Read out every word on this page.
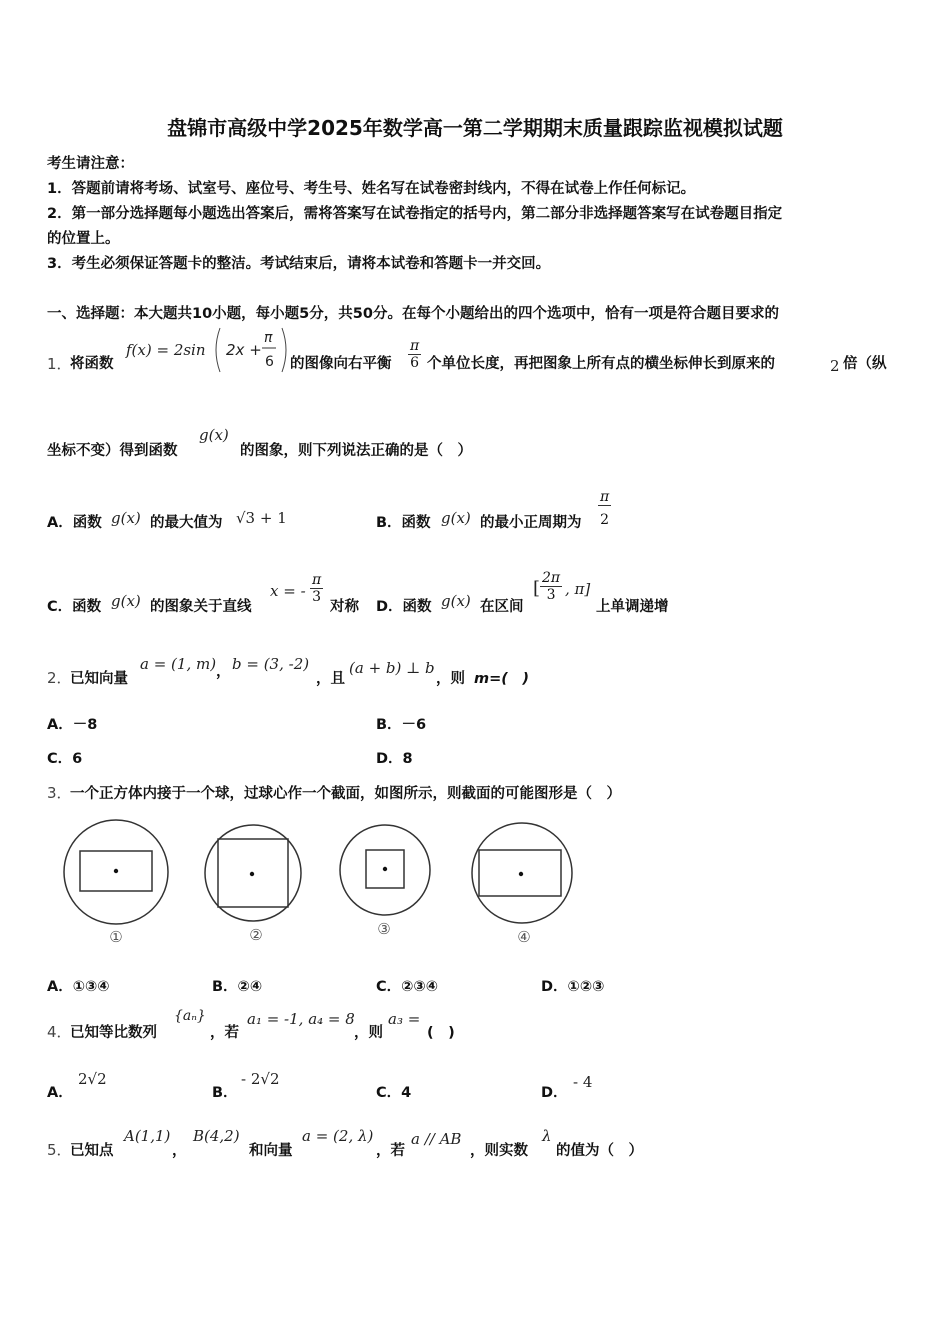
盘锦市高级中学2025年数学高一第二学期期末质量跟踪监视模拟试题
考生请注意：
1．答题前请将考场、试室号、座位号、考生号、姓名写在试卷密封线内，不得在试卷上作任何标记。
2．第一部分选择题每小题选出答案后，需将答案写在试卷指定的括号内，第二部分非选择题答案写在试卷题目指定
的位置上。
3．考生必须保证答题卡的整洁。考试结束后，请将本试卷和答题卡一并交回。
一、选择题：本大题共10小题，每小题5分，共50分。在每个小题给出的四个选项中，恰有一项是符合题目要求的
1．
将函数
f(x) = 2sin 2x +
π
6 的图像向右平衡 $\frac{\pi}{6}$ 个单位长度，再把图象上所有点的横坐标伸长到原来的	2 倍（纵
坐标不变）得到函数
g(x)
的图象，则下列说法正确的是（　）
A．函数 g(x) 的最大值为 √3 + 1	B．函数 g(x) 的最小正周期为 $\frac{\pi}{2}$
C．函数 g(x) 的图象关于直线
x = - $\frac{\pi}{3}$
对称 D．函数 g(x) 在区间
[ $\frac{2\pi}{3}$ , π]
上单调递增
2．
已知向量
a = (1, m) ， b = (3, -2)
，且
(a + b) ⊥ b
，则 m=(　)
A．－8	B．－6
C．6	D．8
3．
一个正方体内接于一个球，过球心作一个截面，如图所示，则截面的可能图形是（　）
①	②	③	④
A．①③④	B．②④	C．②③④	D．①②③
4．
已知等比数列
{aₙ}
，若
a₁ = -1, a₄ = 8
，则
a₃ =
(　)
A．
2√2
B．
- 2√2
C．4	D．
- 4
5．
已知点
A(1,1)
，
B(4,2)
和向量
a = (2, λ)
，若
a // AB
，则实数
λ
的值为（　）
